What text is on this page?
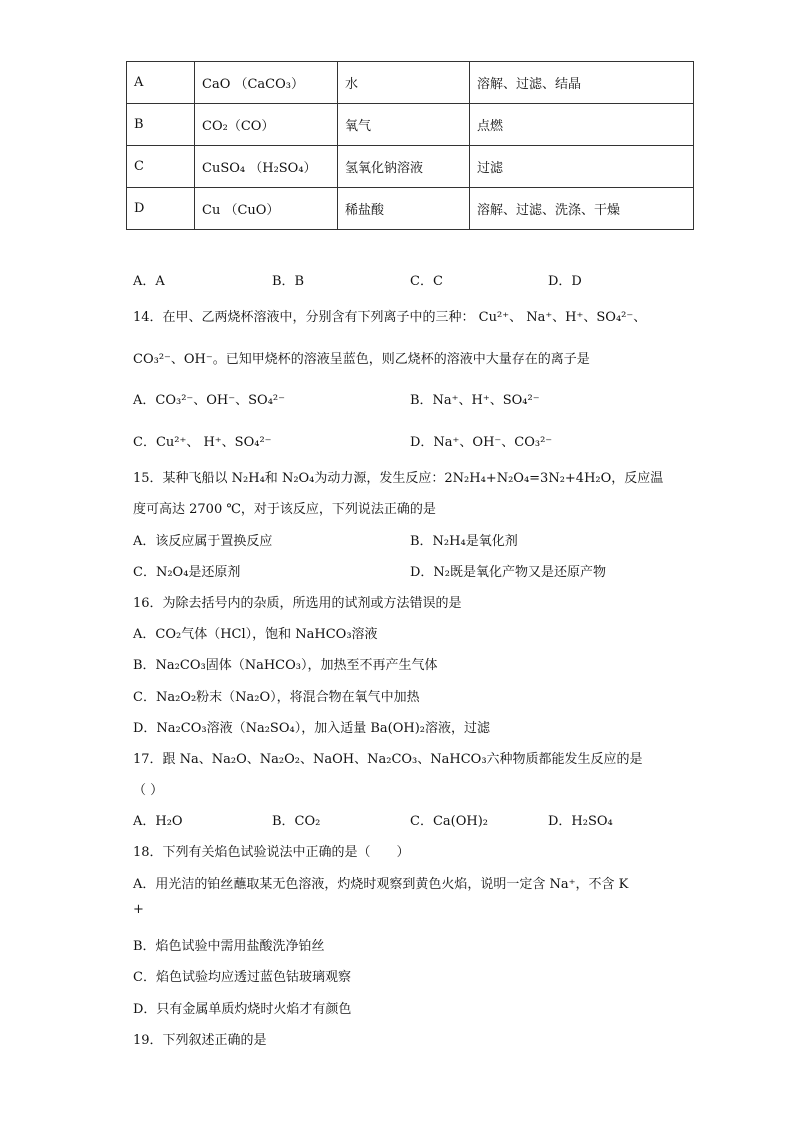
A	CaO （CaCO₃）	水	溶解、过滤、结晶
B	CO₂（CO）	氧气	点燃
C	CuSO₄ （H₂SO₄）	氢氧化钠溶液	过滤
D	Cu （CuO）	稀盐酸	溶解、过滤、洗涤、干燥
A．A	B．B	C．C	D．D
14．在甲、乙两烧杯溶液中，分别含有下列离子中的三种： Cu²⁺、 Na⁺、H⁺、SO₄²⁻、
CO₃²⁻、OH⁻。已知甲烧杯的溶液呈蓝色，则乙烧杯的溶液中大量存在的离子是
A．CO₃²⁻、OH⁻、SO₄²⁻	B．Na⁺、H⁺、SO₄²⁻
C．Cu²⁺、 H⁺、SO₄²⁻	D．Na⁺、OH⁻、CO₃²⁻
15．某种飞船以 N₂H₄和 N₂O₄为动力源，发生反应：2N₂H₄+N₂O₄=3N₂+4H₂O，反应温
度可高达 2700 ℃，对于该反应，下列说法正确的是
A．该反应属于置换反应	B．N₂H₄是氧化剂
C．N₂O₄是还原剂	D．N₂既是氧化产物又是还原产物
16．为除去括号内的杂质，所选用的试剂或方法错误的是
A．CO₂气体（HCl），饱和 NaHCO₃溶液
B．Na₂CO₃固体（NaHCO₃），加热至不再产生气体
C．Na₂O₂粉末（Na₂O），将混合物在氧气中加热
D．Na₂CO₃溶液（Na₂SO₄），加入适量 Ba(OH)₂溶液，过滤
17．跟 Na、Na₂O、Na₂O₂、NaOH、Na₂CO₃、NaHCO₃六种物质都能发生反应的是
（ ）
A．H₂O	B．CO₂	C．Ca(OH)₂	D．H₂SO₄
18．下列有关焰色试验说法中正确的是（　　）
A．用光洁的铂丝蘸取某无色溶液，灼烧时观察到黄色火焰，说明一定含 Na⁺，不含 K
+
B．焰色试验中需用盐酸洗净铂丝
C．焰色试验均应透过蓝色钴玻璃观察
D．只有金属单质灼烧时火焰才有颜色
19．下列叙述正确的是
